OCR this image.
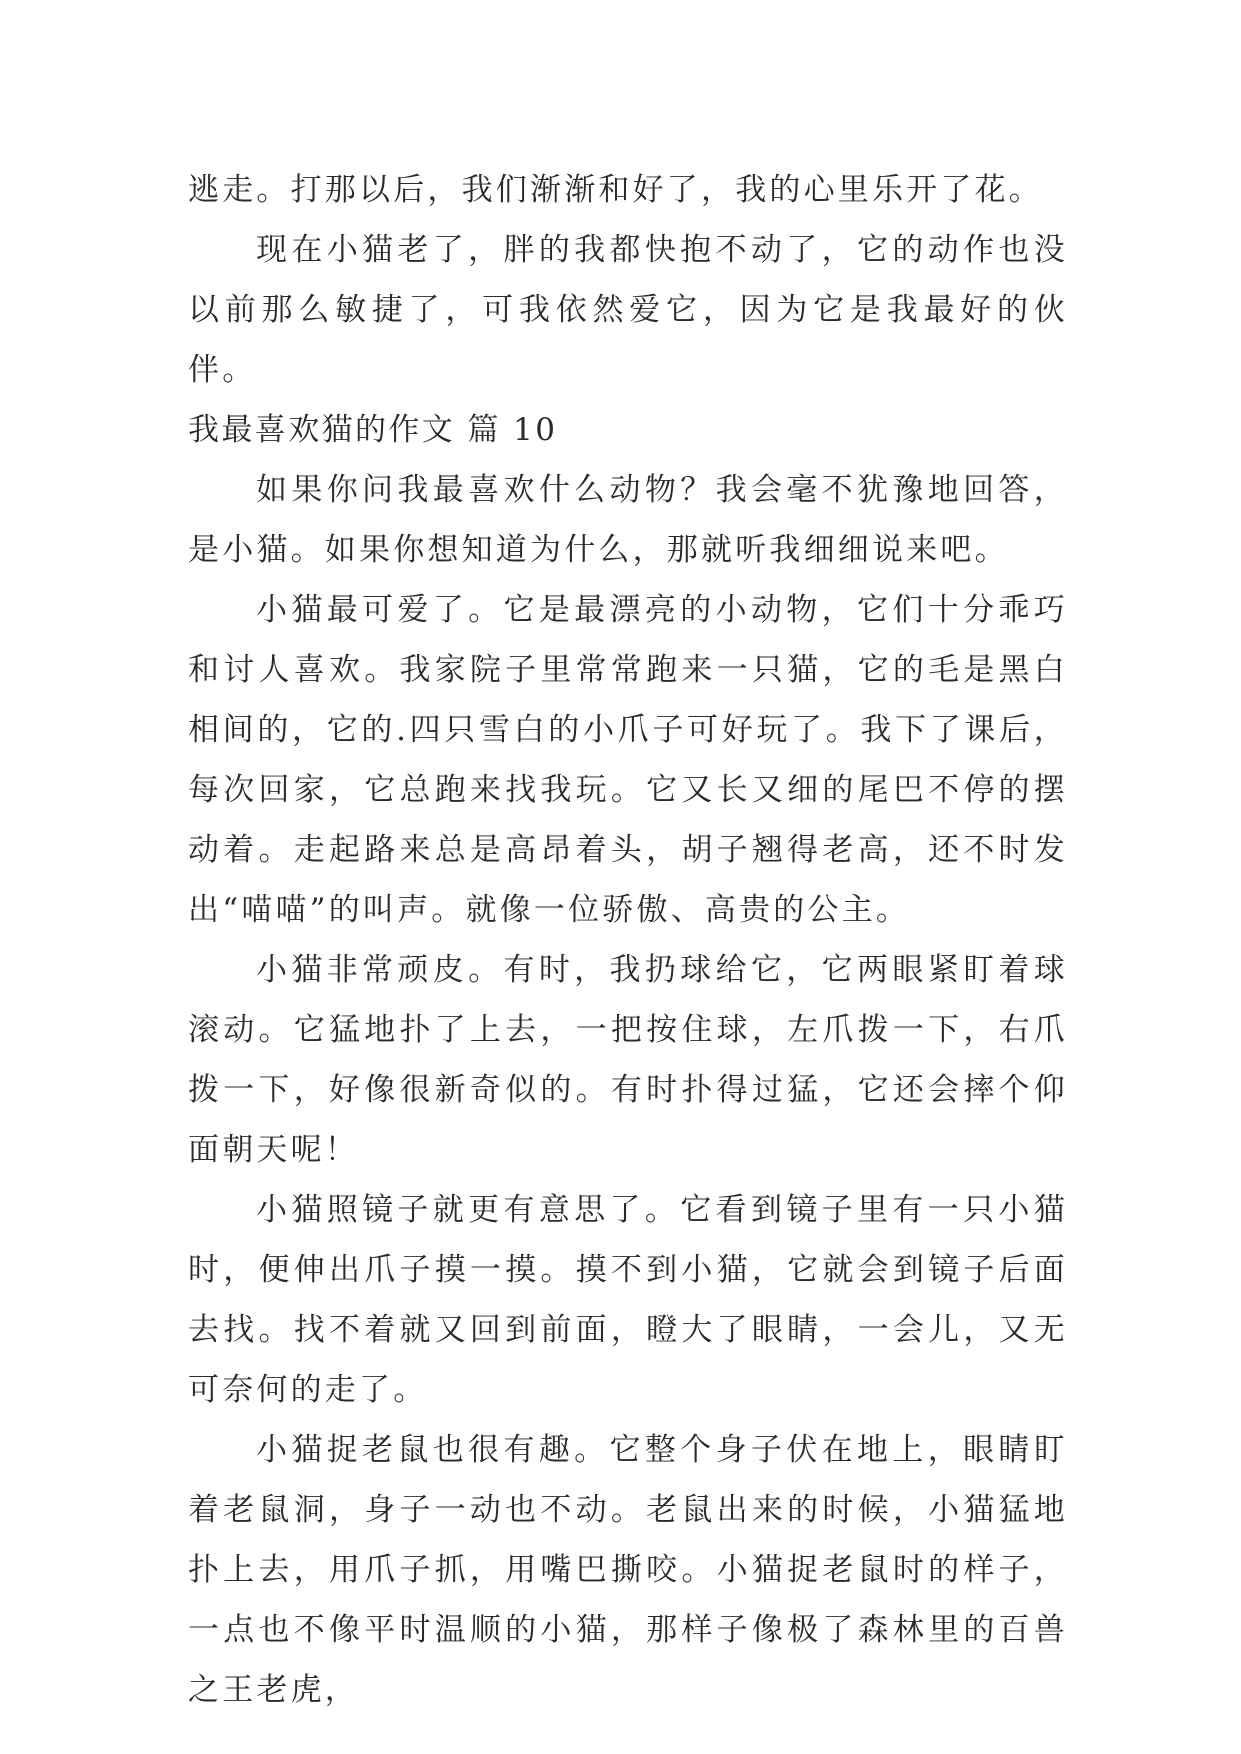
逃走。打那以后，我们渐渐和好了，我的心里乐开了花。

现在小猫老了，胖的我都快抱不动了，它的动作也没以前那么敏捷了，可我依然爱它，因为它是我最好的伙伴。

我最喜欢猫的作文 篇 10

如果你问我最喜欢什么动物？我会毫不犹豫地回答，是小猫。如果你想知道为什么，那就听我细细说来吧。

小猫最可爱了。它是最漂亮的小动物，它们十分乖巧和讨人喜欢。我家院子里常常跑来一只猫，它的毛是黑白相间的，它的.四只雪白的小爪子可好玩了。我下了课后，每次回家，它总跑来找我玩。它又长又细的尾巴不停的摆动着。走起路来总是高昂着头，胡子翘得老高，还不时发出“喵喵”的叫声。就像一位骄傲、高贵的公主。

小猫非常顽皮。有时，我扔球给它，它两眼紧盯着球滚动。它猛地扑了上去，一把按住球，左爪拨一下，右爪拨一下，好像很新奇似的。有时扑得过猛，它还会摔个仰面朝天呢！

小猫照镜子就更有意思了。它看到镜子里有一只小猫时，便伸出爪子摸一摸。摸不到小猫，它就会到镜子后面去找。找不着就又回到前面，瞪大了眼睛，一会儿，又无可奈何的走了。

小猫捉老鼠也很有趣。它整个身子伏在地上，眼睛盯着老鼠洞，身子一动也不动。老鼠出来的时候，小猫猛地扑上去，用爪子抓，用嘴巴撕咬。小猫捉老鼠时的样子，一点也不像平时温顺的小猫，那样子像极了森林里的百兽之王老虎，
